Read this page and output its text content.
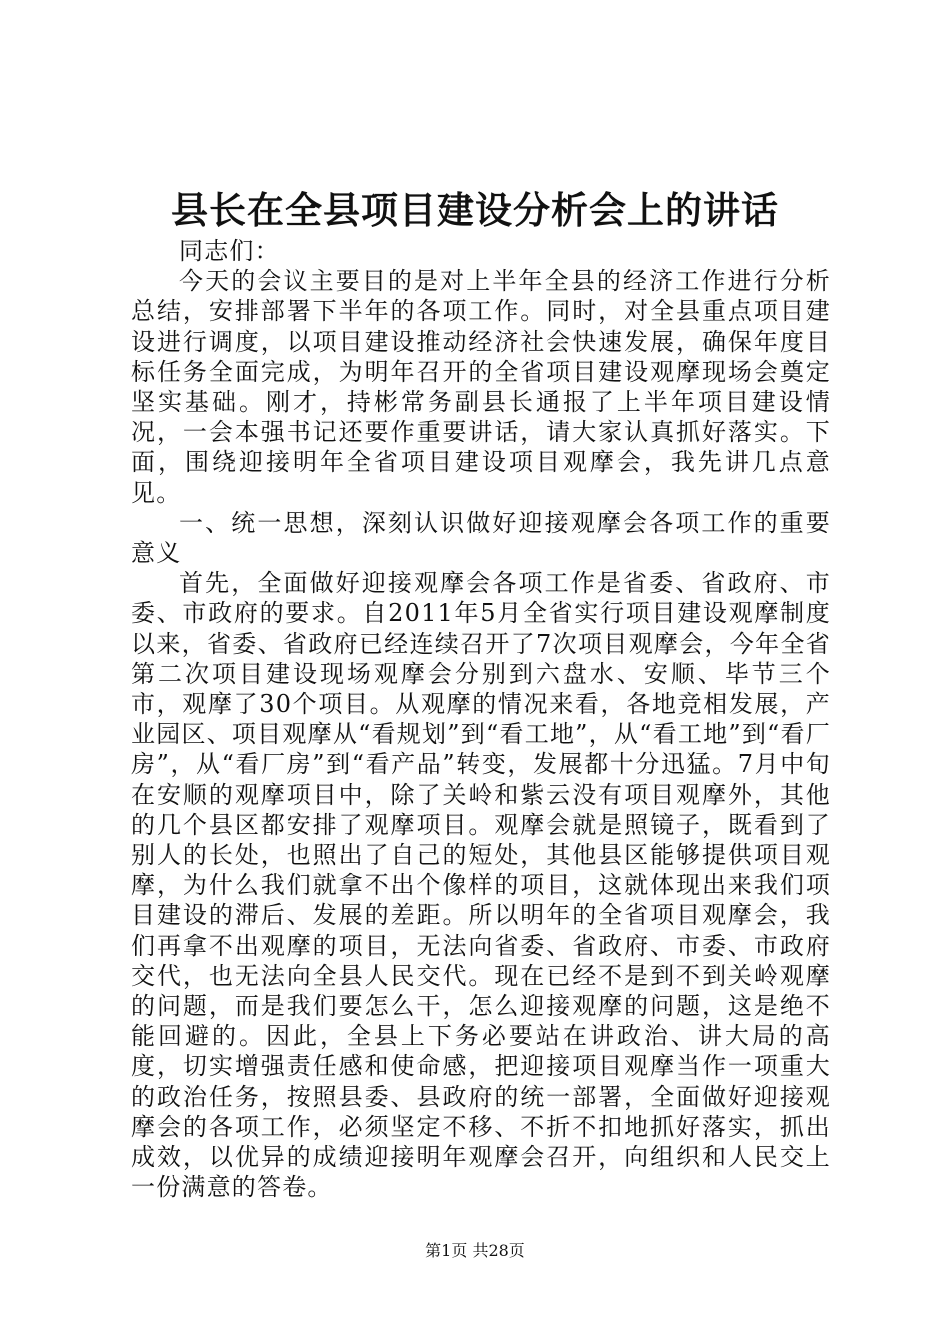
县长在全县项目建设分析会上的讲话

同志们：

今天的会议主要目的是对上半年全县的经济工作进行分析总结，安排部署下半年的各项工作。同时，对全县重点项目建设进行调度，以项目建设推动经济社会快速发展，确保年度目标任务全面完成，为明年召开的全省项目建设观摩现场会奠定坚实基础。刚才，持彬常务副县长通报了上半年项目建设情况，一会本强书记还要作重要讲话，请大家认真抓好落实。下面，围绕迎接明年全省项目建设项目观摩会，我先讲几点意见。

一、统一思想，深刻认识做好迎接观摩会各项工作的重要意义

首先，全面做好迎接观摩会各项工作是省委、省政府、市委、市政府的要求。自2011年5月全省实行项目建设观摩制度以来，省委、省政府已经连续召开了7次项目观摩会，今年全省第二次项目建设现场观摩会分别到六盘水、安顺、毕节三个市，观摩了30个项目。从观摩的情况来看，各地竞相发展，产业园区、项目观摩从“看规划”到“看工地”，从“看工地”到“看厂房”，从“看厂房”到“看产品”转变，发展都十分迅猛。7月中旬在安顺的观摩项目中，除了关岭和紫云没有项目观摩外，其他的几个县区都安排了观摩项目。观摩会就是照镜子，既看到了别人的长处，也照出了自己的短处，其他县区能够提供项目观摩，为什么我们就拿不出个像样的项目，这就体现出来我们项目建设的滞后、发展的差距。所以明年的全省项目观摩会，我们再拿不出观摩的项目，无法向省委、省政府、市委、市政府交代，也无法向全县人民交代。现在已经不是到不到关岭观摩的问题，而是我们要怎么干，怎么迎接观摩的问题，这是绝不能回避的。因此，全县上下务必要站在讲政治、讲大局的高度，切实增强责任感和使命感，把迎接项目观摩当作一项重大的政治任务，按照县委、县政府的统一部署，全面做好迎接观摩会的各项工作，必须坚定不移、不折不扣地抓好落实，抓出成效，以优异的成绩迎接明年观摩会召开，向组织和人民交上一份满意的答卷。

第1页 共28页
